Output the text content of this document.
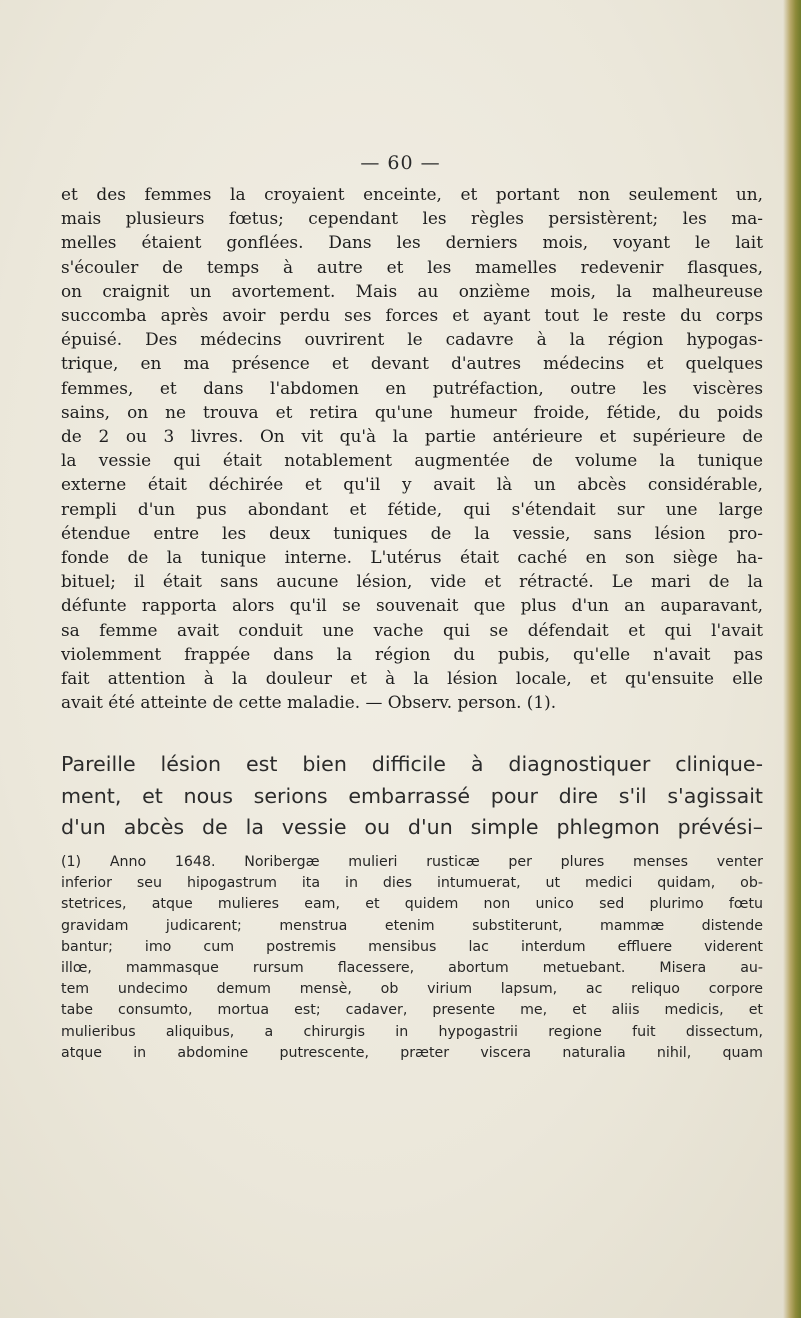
— 60 —
et des femmes la croyaient enceinte, et portant non seulement un,
mais plusieurs fœtus; cependant les règles persistèrent; les ma-
melles étaient gonflées. Dans les derniers mois, voyant le lait
s'écouler de temps à autre et les mamelles redevenir flasques,
on craignit un avortement. Mais au onzième mois, la malheureuse
succomba après avoir perdu ses forces et ayant tout le reste du corps
épuisé. Des médecins ouvrirent le cadavre à la région hypogas-
trique, en ma présence et devant d'autres médecins et quelques
femmes, et dans l'abdomen en putréfaction, outre les viscères
sains, on ne trouva et retira qu'une humeur froide, fétide, du poids
de 2 ou 3 livres. On vit qu'à la partie antérieure et supérieure de
la vessie qui était notablement augmentée de volume la tunique
externe était déchirée et qu'il y avait là un abcès considérable,
rempli d'un pus abondant et fétide, qui s'étendait sur une large
étendue entre les deux tuniques de la vessie, sans lésion pro-
fonde de la tunique interne. L'utérus était caché en son siège ha-
bituel; il était sans aucune lésion, vide et rétracté. Le mari de la
défunte rapporta alors qu'il se souvenait que plus d'un an auparavant,
sa femme avait conduit une vache qui se défendait et qui l'avait
violemment frappée dans la région du pubis, qu'elle n'avait pas
fait attention à la douleur et à la lésion locale, et qu'ensuite elle
avait été atteinte de cette maladie. — Observ. person. (1).
Pareille lésion est bien difficile à diagnostiquer clinique-
ment, et nous serions embarrassé pour dire s'il s'agissait
d'un abcès de la vessie ou d'un simple phlegmon prévési–
(1) Anno 1648. Noribergæ mulieri rusticæ per plures menses venter
inferior seu hipogastrum ita in dies intumuerat, ut medici quidam, ob-
stetrices, atque mulieres eam, et quidem non unico sed plurimo fœtu
gravidam judicarent; menstrua etenim substiterunt, mammæ distende
bantur; imo cum postremis mensibus lac interdum effluere viderent
illœ, mammasque rursum flacessere, abortum metuebant. Misera au-
tem undecimo demum mensè, ob virium lapsum, ac reliquo corpore
tabe consumto, mortua est; cadaver, presente me, et aliis medicis, et
mulieribus aliquibus, a chirurgis in hypogastrii regione fuit dissectum,
atque in abdomine putrescente, præter viscera naturalia nihil, quam
